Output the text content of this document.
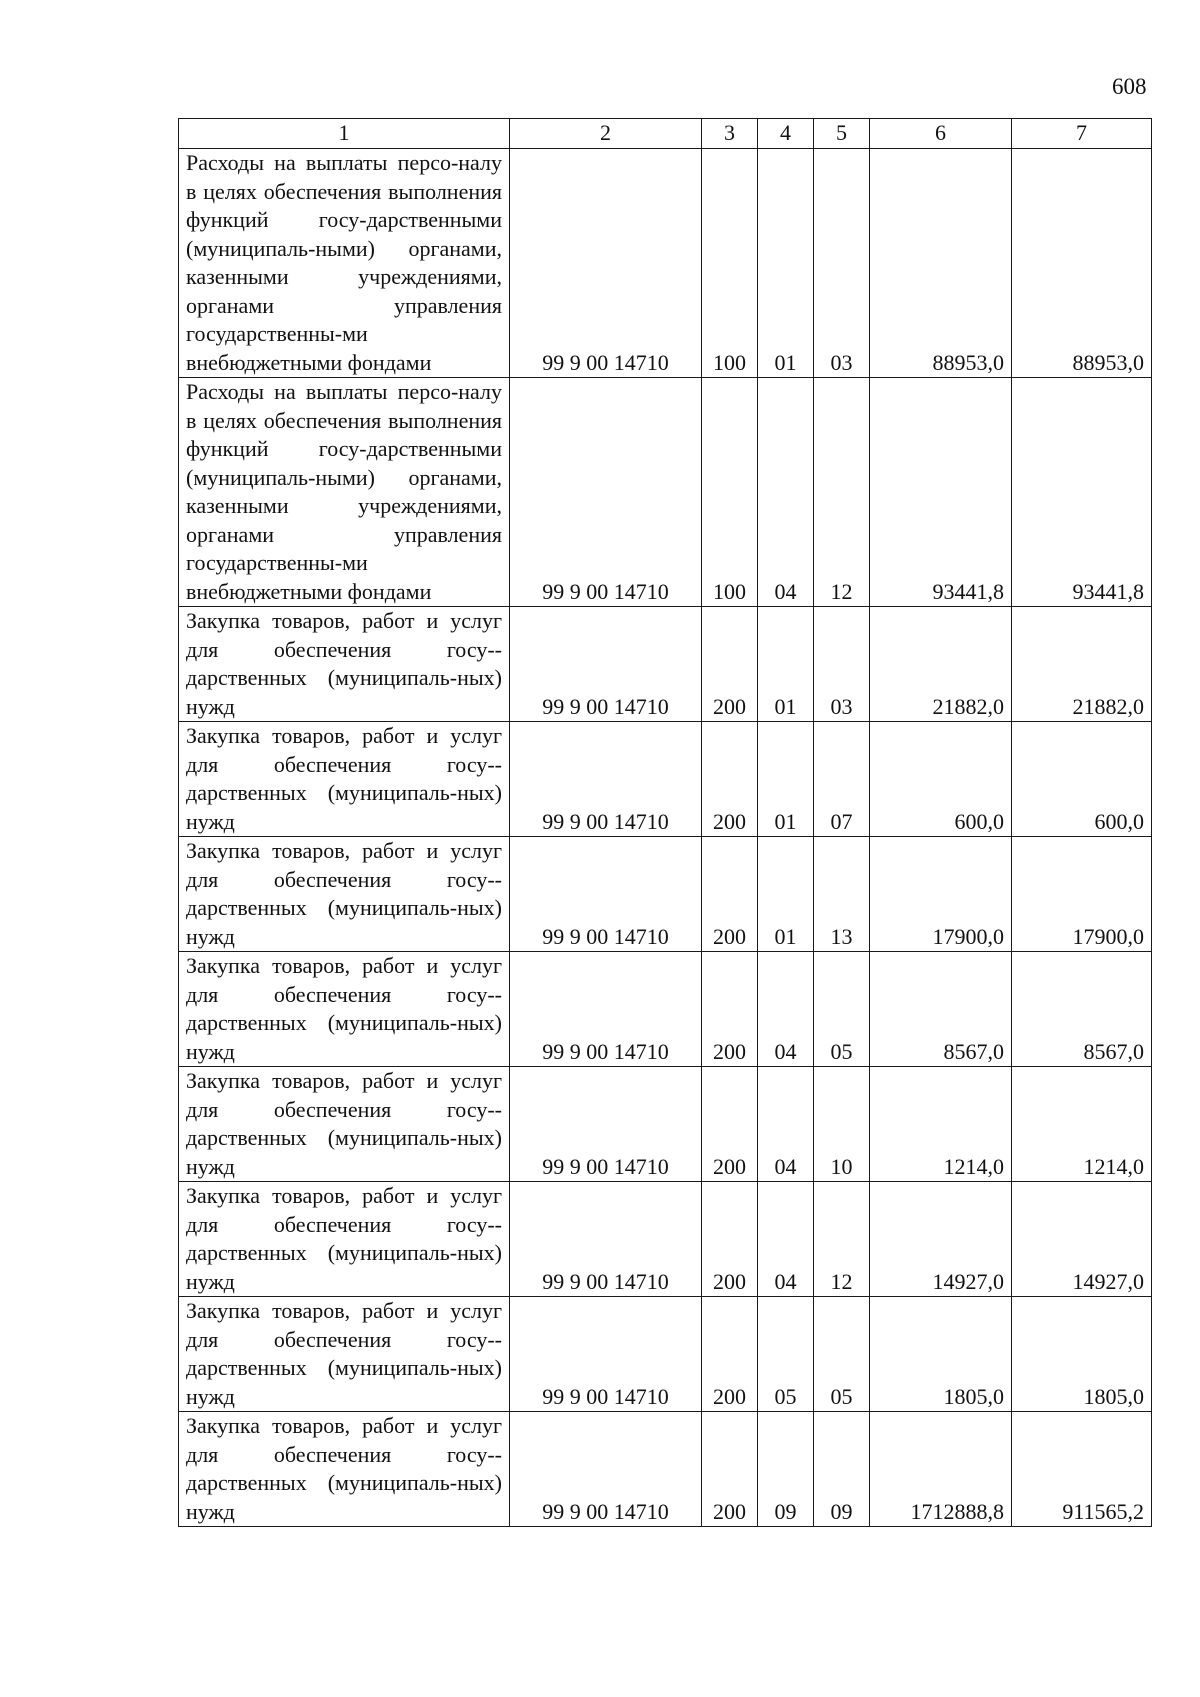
608
1	2	3	4	5	6	7
Расходы на выплаты персо-налу в целях обеспечения выполнения функций госу-дарственными (муниципаль-ными) органами, казенными учреждениями, органами управления государственны-ми внебюджетными фондами	99 9 00 14710	100	01	03	88953,0	88953,0
Расходы на выплаты персо-налу в целях обеспечения выполнения функций госу-дарственными (муниципаль-ными) органами, казенными учреждениями, органами управления государственны-ми внебюджетными фондами	99 9 00 14710	100	04	12	93441,8	93441,8
Закупка товаров, работ и услуг для обеспечения госу-дарственных (муниципаль-ных) нужд	99 9 00 14710	200	01	03	21882,0	21882,0
Закупка товаров, работ и услуг для обеспечения госу-дарственных (муниципаль-ных) нужд	99 9 00 14710	200	01	07	600,0	600,0
Закупка товаров, работ и услуг для обеспечения госу-дарственных (муниципаль-ных) нужд	99 9 00 14710	200	01	13	17900,0	17900,0
Закупка товаров, работ и услуг для обеспечения госу-дарственных (муниципаль-ных) нужд	99 9 00 14710	200	04	05	8567,0	8567,0
Закупка товаров, работ и услуг для обеспечения госу-дарственных (муниципаль-ных) нужд	99 9 00 14710	200	04	10	1214,0	1214,0
Закупка товаров, работ и услуг для обеспечения госу-дарственных (муниципаль-ных) нужд	99 9 00 14710	200	04	12	14927,0	14927,0
Закупка товаров, работ и услуг для обеспечения госу-дарственных (муниципаль-ных) нужд	99 9 00 14710	200	05	05	1805,0	1805,0
Закупка товаров, работ и услуг для обеспечения госу-дарственных (муниципаль-ных) нужд	99 9 00 14710	200	09	09	1712888,8	911565,2
